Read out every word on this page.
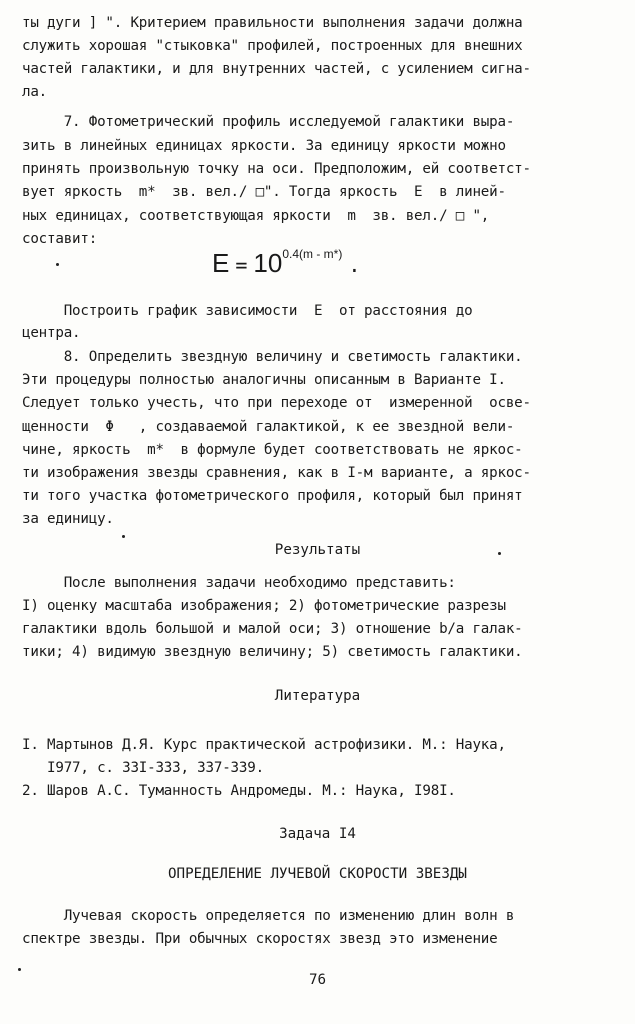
ты дуги ] ". Критерием правильности выполнения задачи должна
служить хорошая "стыковка" профилей, построенных для внешних
частей галактики, и для внутренних частей, с усилением сигна-
ла.
7. Фотометрический профиль исследуемой галактики выра-
зить в линейных единицах яркости. За единицу яркости можно
принять произвольную точку на оси. Предположим, ей соответст-
вует яркость  m*  зв. вел./ □". Тогда яркость  E  в линей-
ных единицах, соответствующая яркости  m  зв. вел./ □ ",
составит:
$E = 10^{0.4(m - m*)}$ .
Построить график зависимости  E  от расстояния до
центра.
8. Определить звездную величину и светимость галактики.
Эти процедуры полностью аналогичны описанным в Варианте I.
Следует только учесть, что при переходе от  измеренной  осве-
щенности  Φ   , создаваемой галактикой, к ее звездной вели-
чине, яркость  m*  в формуле будет соответствовать не яркос-
ти изображения звезды сравнения, как в I-м варианте, а яркос-
ти того участка фотометрического профиля, который был принят
за единицу.
Результаты
После выполнения задачи необходимо представить:
I) оценку масштаба изображения; 2) фотометрические разрезы
галактики вдоль большой и малой оси; 3) отношение b/a галак-
тики; 4) видимую звездную величину; 5) светимость галактики.
Литература
I. Мартынов Д.Я. Курс практической астрофизики. М.: Наука,
I977, с. 33I-333, 337-339.
2. Шаров А.С. Туманность Андромеды. М.: Наука, I98I.
Задача I4
ОПРЕДЕЛЕНИЕ ЛУЧЕВОЙ СКОРОСТИ ЗВЕЗДЫ
Лучевая скорость определяется по изменению длин волн в
спектре звезды. При обычных скоростях звезд это изменение
76
